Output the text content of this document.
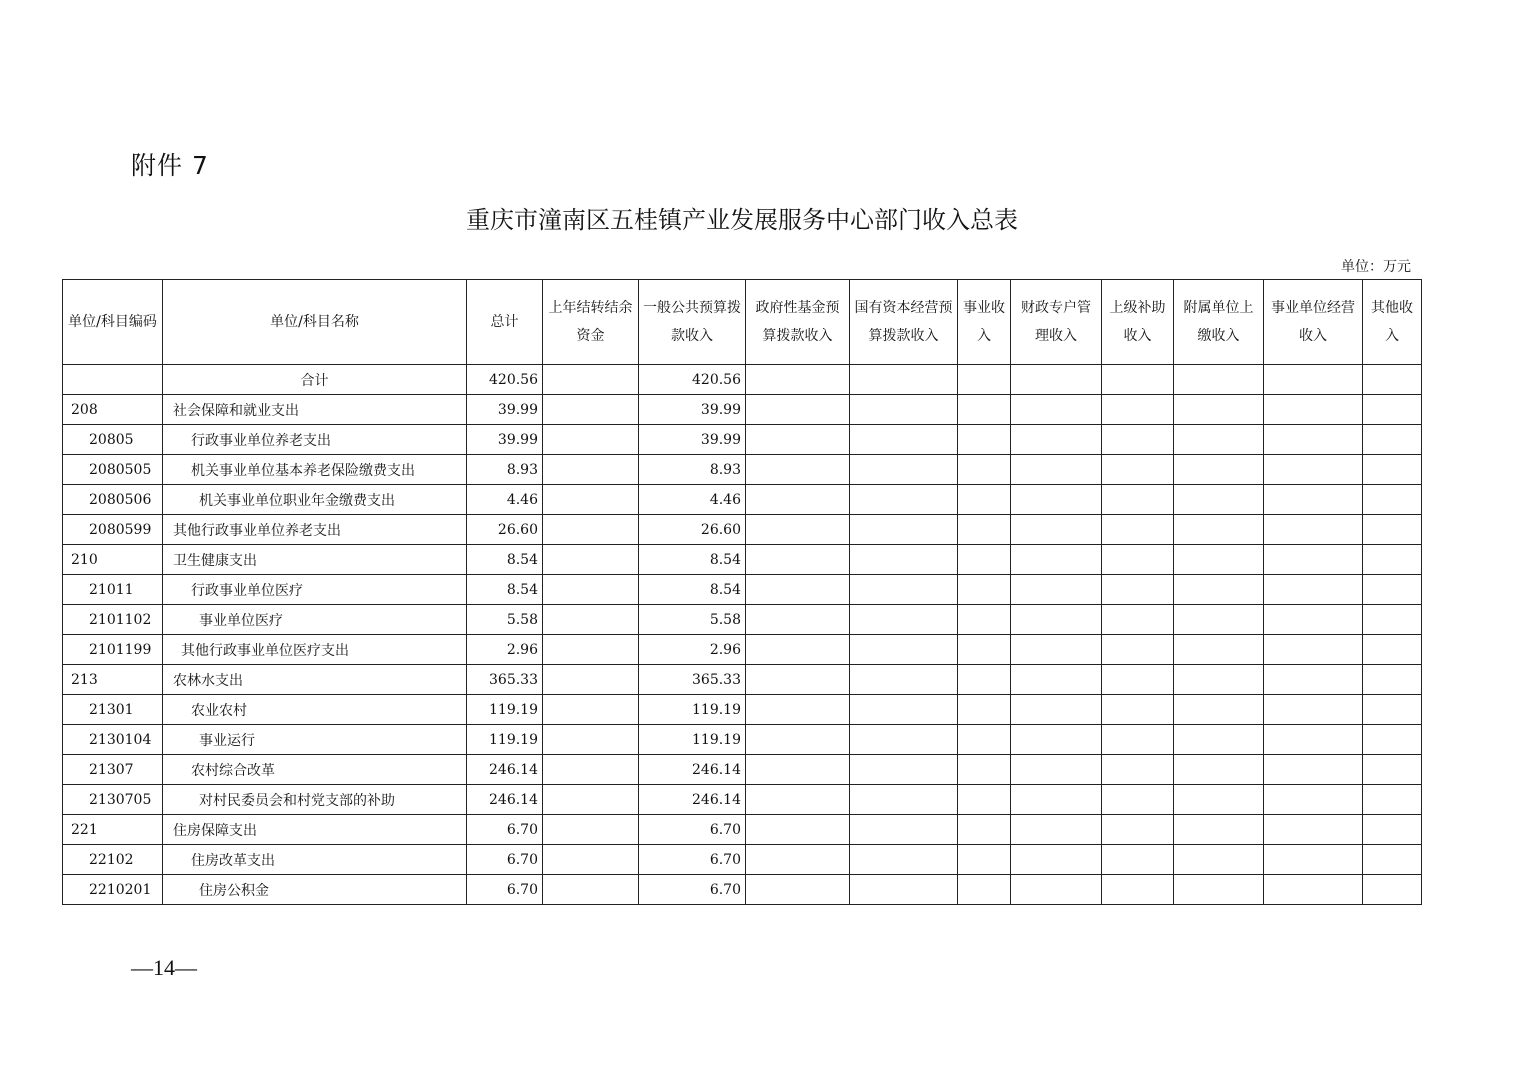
附件 7
重庆市潼南区五桂镇产业发展服务中心部门收入总表
单位：万元
单位/科目编码	单位/科目名称	总计	上年结转结余资金	一般公共预算拨款收入	政府性基金预算拨款收入	国有资本经营预算拨款收入	事业收入	财政专户管理收入	上级补助收入	附属单位上缴收入	事业单位经营收入	其他收入
	合计	420.56		420.56								
208	社会保障和就业支出	39.99		39.99								
20805	行政事业单位养老支出	39.99		39.99								
2080505	机关事业单位基本养老保险缴费支出	8.93		8.93								
2080506	机关事业单位职业年金缴费支出	4.46		4.46								
2080599	其他行政事业单位养老支出	26.60		26.60								
210	卫生健康支出	8.54		8.54								
21011	行政事业单位医疗	8.54		8.54								
2101102	事业单位医疗	5.58		5.58								
2101199	其他行政事业单位医疗支出	2.96		2.96								
213	农林水支出	365.33		365.33								
21301	农业农村	119.19		119.19								
2130104	事业运行	119.19		119.19								
21307	农村综合改革	246.14		246.14								
2130705	对村民委员会和村党支部的补助	246.14		246.14								
221	住房保障支出	6.70		6.70								
22102	住房改革支出	6.70		6.70								
2210201	住房公积金	6.70		6.70								
—14—
